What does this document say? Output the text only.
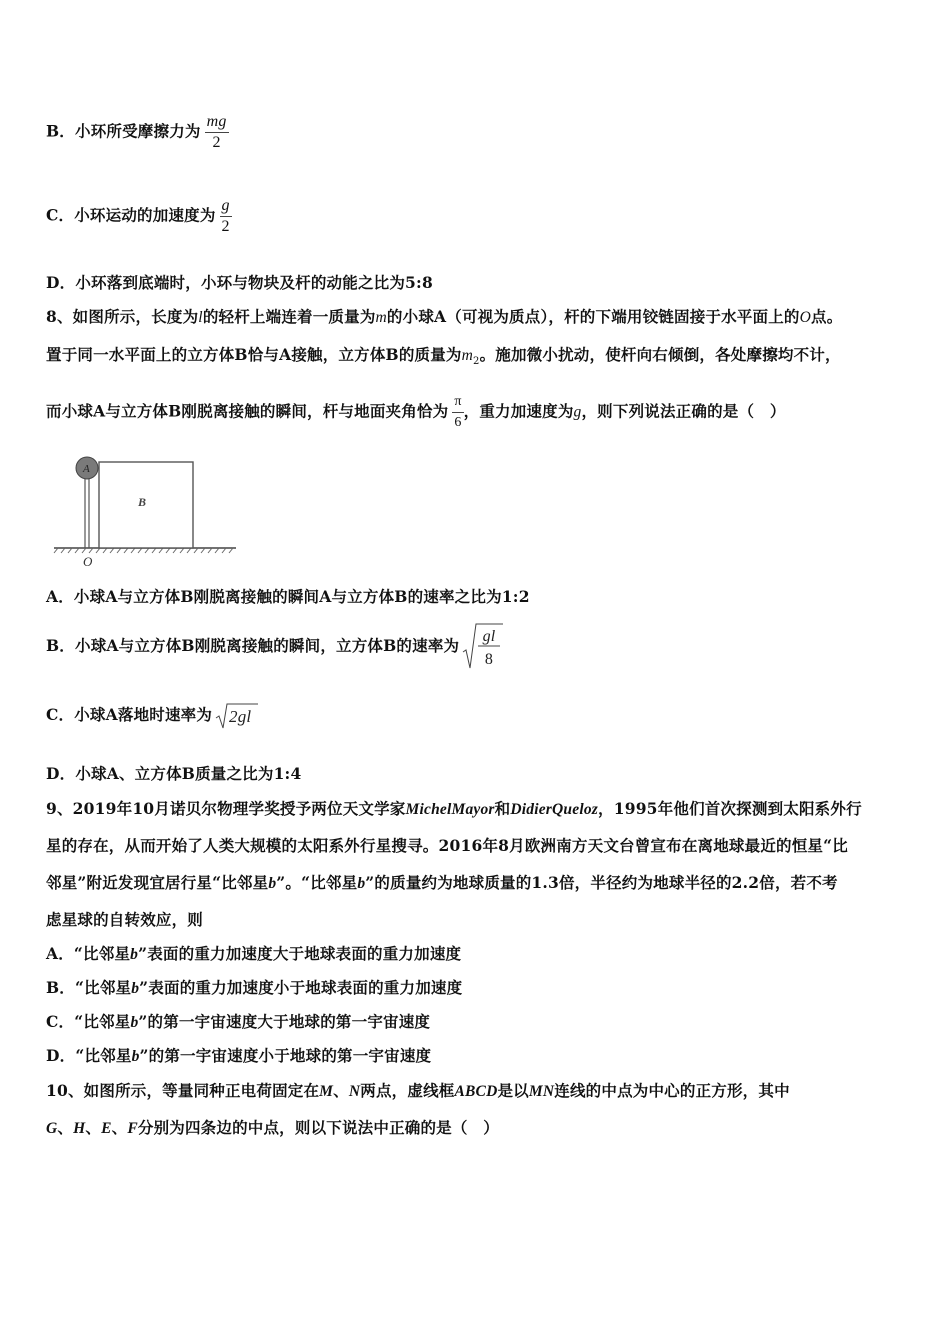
B．小环所受摩擦力为 $\frac{mg}{2}$
C．小环运动的加速度为 $\frac{g}{2}$
D．小环落到底端时，小环与物块及杆的动能之比为5:8
8、如图所示，长度为l的轻杆上端连着一质量为m的小球A（可视为质点），杆的下端用铰链固接于水平面上的O点。
置于同一水平面上的立方体B恰与A接触，立方体B的质量为$m_2$。施加微小扰动，使杆向右倾倒，各处摩擦均不计，
而小球A与立方体B刚脱离接触的瞬间，杆与地面夹角恰为 $\frac{\pi}{6}$ ，重力加速度为g，则下列说法正确的是（　）
A
B
O
A．小球A与立方体B刚脱离接触的瞬间A与立方体B的速率之比为1:2
B．小球A与立方体B刚脱离接触的瞬间，立方体B的速率为 gl
8
C．小球A落地时速率为 2gl
D．小球A、立方体B质量之比为1:4
9、2019年10月诺贝尔物理学奖授予两位天文学家MichelMayor和DidierQueloz，1995年他们首次探测到太阳系外行
星的存在，从而开始了人类大规模的太阳系外行星搜寻。2016年8月欧洲南方天文台曾宣布在离地球最近的恒星“比
邻星”附近发现宜居行星“比邻星b”。“比邻星b”的质量约为地球质量的1.3倍，半径约为地球半径的2.2倍，若不考
虑星球的自转效应，则
A．“比邻星b”表面的重力加速度大于地球表面的重力加速度
B．“比邻星b”表面的重力加速度小于地球表面的重力加速度
C．“比邻星b”的第一宇宙速度大于地球的第一宇宙速度
D．“比邻星b”的第一宇宙速度小于地球的第一宇宙速度
10、如图所示，等量同种正电荷固定在M、N两点，虚线框ABCD是以MN连线的中点为中心的正方形，其中
G、H、E、F分别为四条边的中点，则以下说法中正确的是（　）
